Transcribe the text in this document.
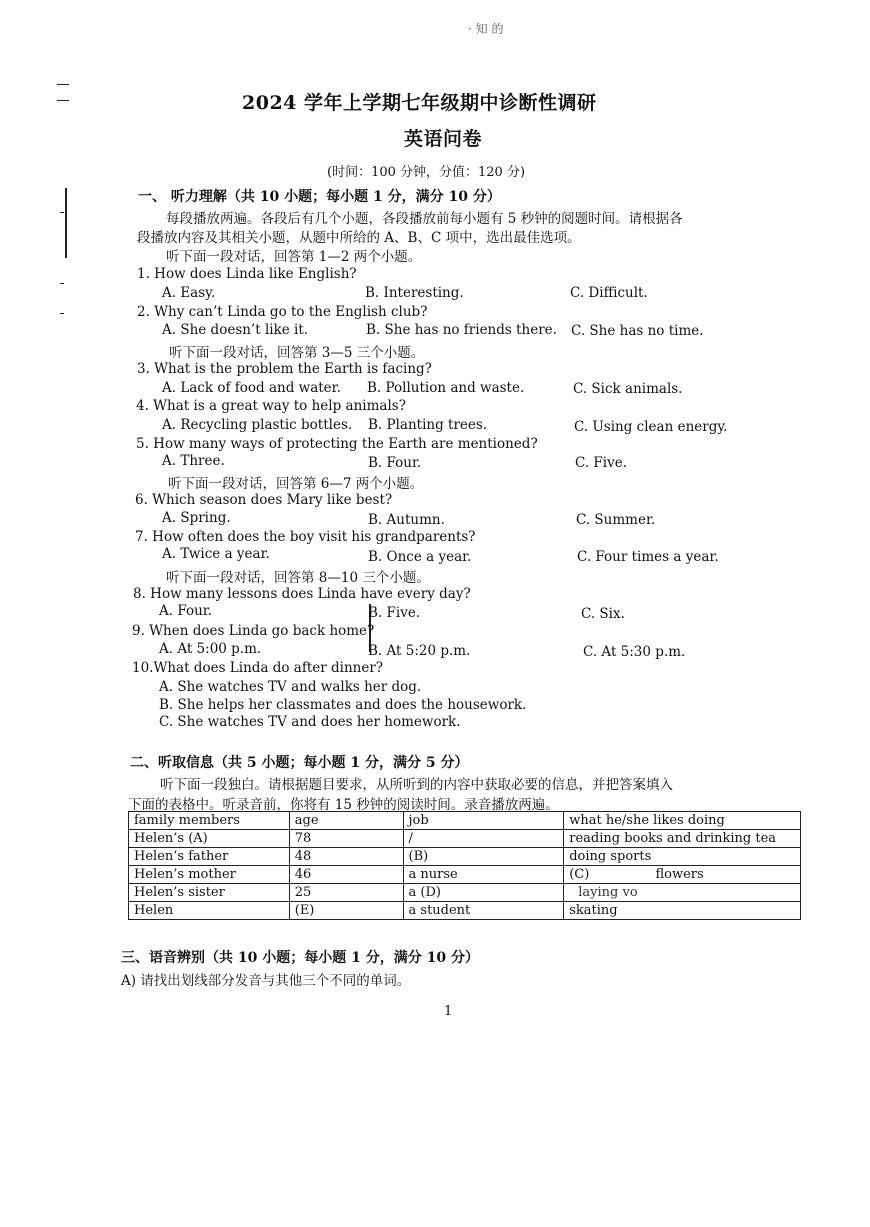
· 知 的
2024 学年上学期七年级期中诊断性调研
英语问卷
(时间：100 分钟，分值：120 分)
一、 听力理解（共 10 小题；每小题 1 分，满分 10 分）
每段播放两遍。各段后有几个小题，各段播放前每小题有 5 秒钟的阅题时间。请根据各
段播放内容及其相关小题，从题中所给的 A、B、C 项中，选出最佳选项。
听下面一段对话，回答第 1—2 两个小题。
1. How does Linda like English?
A. Easy.	B. Interesting.	C. Difficult.
2. Why can’t Linda go to the English club?
A. She doesn’t like it.	B. She has no friends there. C. She has no time.
听下面一段对话，回答第 3—5 三个小题。
3. What is the problem the Earth is facing?
A. Lack of food and water. B. Pollution and waste.	C. Sick animals.
4. What is a great way to help animals?
A. Recycling plastic bottles. B. Planting trees.	C. Using clean energy.
5. How many ways of protecting the Earth are mentioned?
A. Three.	B. Four.	C. Five.
听下面一段对话，回答第 6—7 两个小题。
6. Which season does Mary like best?
A. Spring.	B. Autumn.	C. Summer.
7. How often does the boy visit his grandparents?
A. Twice a year.	B. Once a year.	C. Four times a year.
听下面一段对话，回答第 8—10 三个小题。
8. How many lessons does Linda have every day?
A. Four.	B. Five.	C. Six.
9. When does Linda go back home?
A. At 5:00 p.m.	B. At 5:20 p.m.	C. At 5:30 p.m.
10.What does Linda do after dinner?
A. She watches TV and walks her dog.
B. She helps her classmates and does the housework.
C. She watches TV and does her homework.
二、听取信息（共 5 小题；每小题 1 分，满分 5 分）
听下面一段独白。请根据题目要求，从所听到的内容中获取必要的信息，并把答案填入
下面的表格中。听录音前，你将有 15 秒钟的阅读时间。录音播放两遍。
family members	age	job	what he/she likes doing
Helen’s (A)	78	/	reading books and drinking tea
Helen’s father	48	(B)	doing sports
Helen’s mother	46	a nurse	(C)                flowers
Helen’s sister	25	a (D)	laying vo
Helen	(E)	a student	skating
三、语音辨别（共 10 小题；每小题 1 分，满分 10 分）
A) 请找出划线部分发音与其他三个不同的单词。
1
